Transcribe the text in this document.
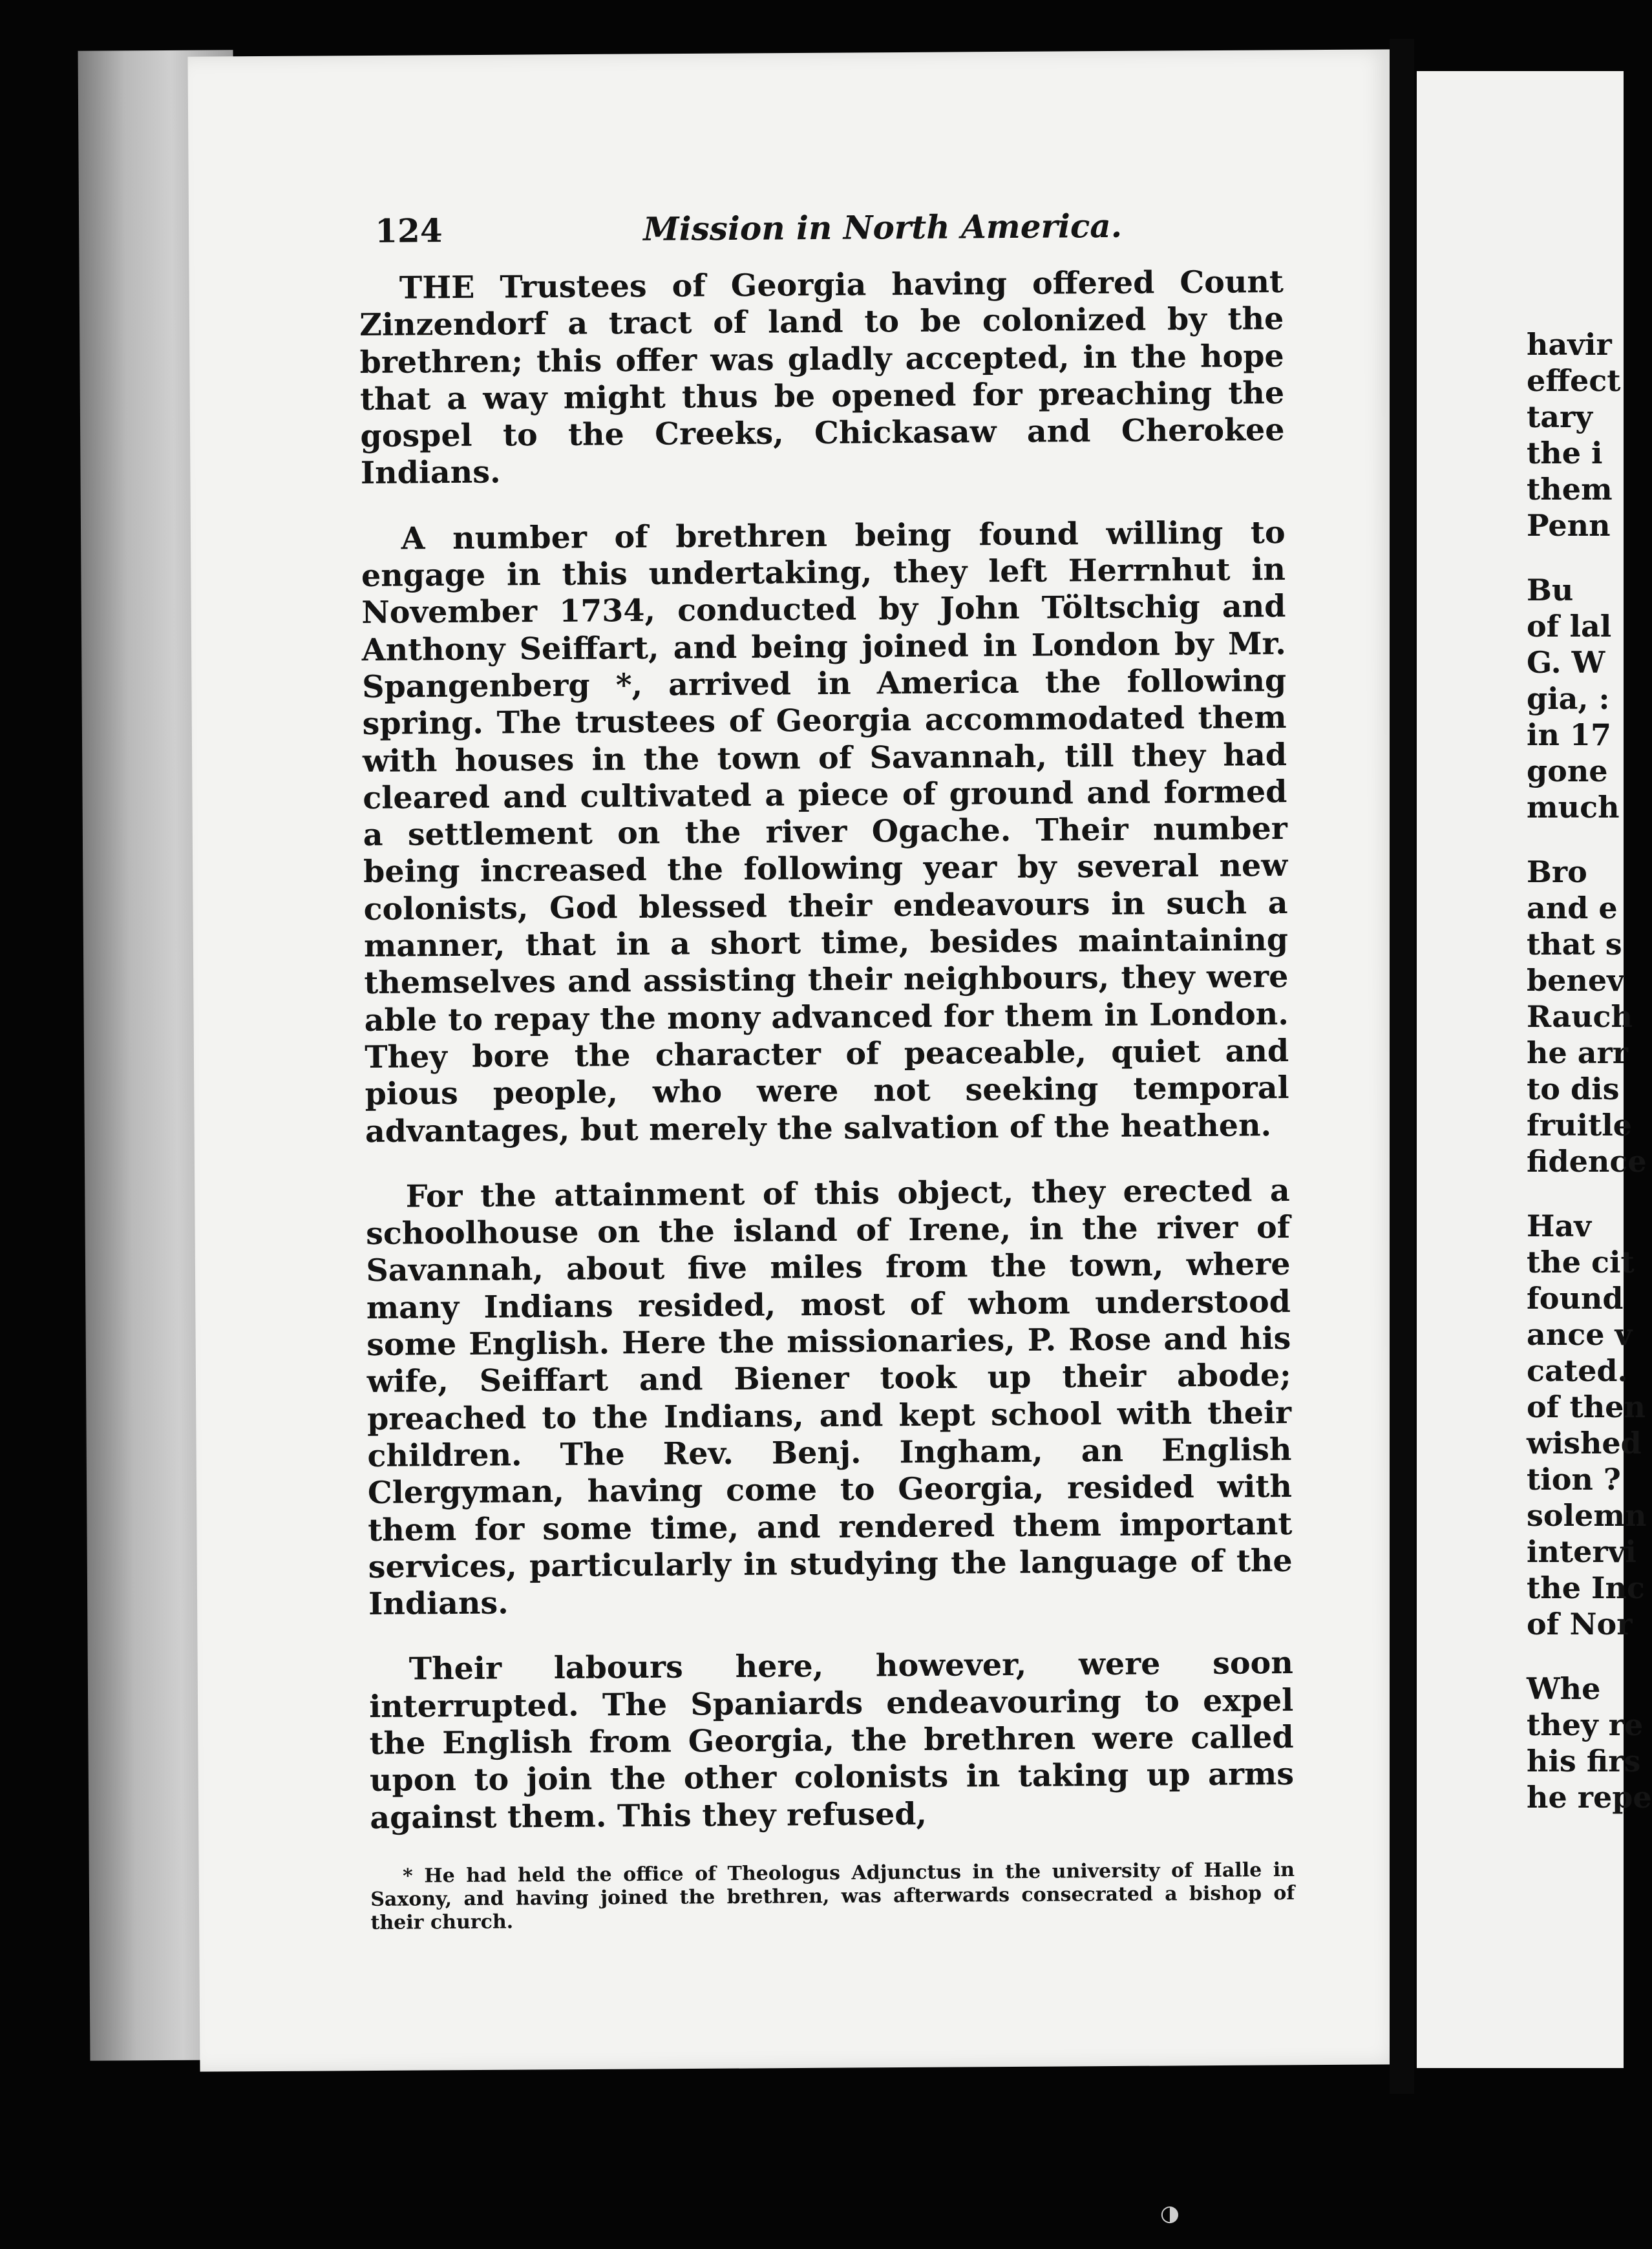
124	Mission in North America.

THE Trustees of Georgia having offered Count Zinzendorf a tract of land to be colonized by the brethren; this offer was gladly accepted, in the hope that a way might thus be opened for preaching the gospel to the Creeks, Chickasaw and Cherokee Indians.

A number of brethren being found willing to engage in this undertaking, they left Herrnhut in November 1734, conducted by John Töltschig and Anthony Seiffart, and being joined in London by Mr. Spangenberg *, arrived in America the following spring. The trustees of Georgia accommodated them with houses in the town of Savannah, till they had cleared and cultivated a piece of ground and formed a settlement on the river Ogache. Their number being increased the following year by several new colonists, God blessed their endeavours in such a manner, that in a short time, besides maintaining themselves and assisting their neighbours, they were able to repay the mony advanced for them in London. They bore the character of peaceable, quiet and pious people, who were not seeking temporal advantages, but merely the salvation of the heathen.

For the attainment of this object, they erected a schoolhouse on the island of Irene, in the river of Savannah, about five miles from the town, where many Indians resided, most of whom understood some English. Here the missionaries, P. Rose and his wife, Seiffart and Biener took up their abode; preached to the Indians, and kept school with their children. The Rev. Benj. Ingham, an English Clergyman, having come to Georgia, resided with them for some time, and rendered them important services, particularly in studying the language of the Indians.

Their labours here, however, were soon interrupted. The Spaniards endeavouring to expel the English from Georgia, the brethren were called upon to join the other colonists in taking up arms against them. This they refused,

* He had held the office of Theologus Adjunctus in the university of Halle in Saxony, and having joined the brethren, was afterwards consecrated a bishop of their church.
havir
effect
tary
the i
them
Penn
Bu
of lal
G. W
gia, :
in 17
gone
much
Bro
and e
that s
benev
Rauch
he arr
to dis
fruitle
fidence
Hav
the cit
found
ance v
cated.
of then
wished
tion ?
solemn
intervi
the Inc
of Nor
Whe
they re
his firs
he repe
◑
